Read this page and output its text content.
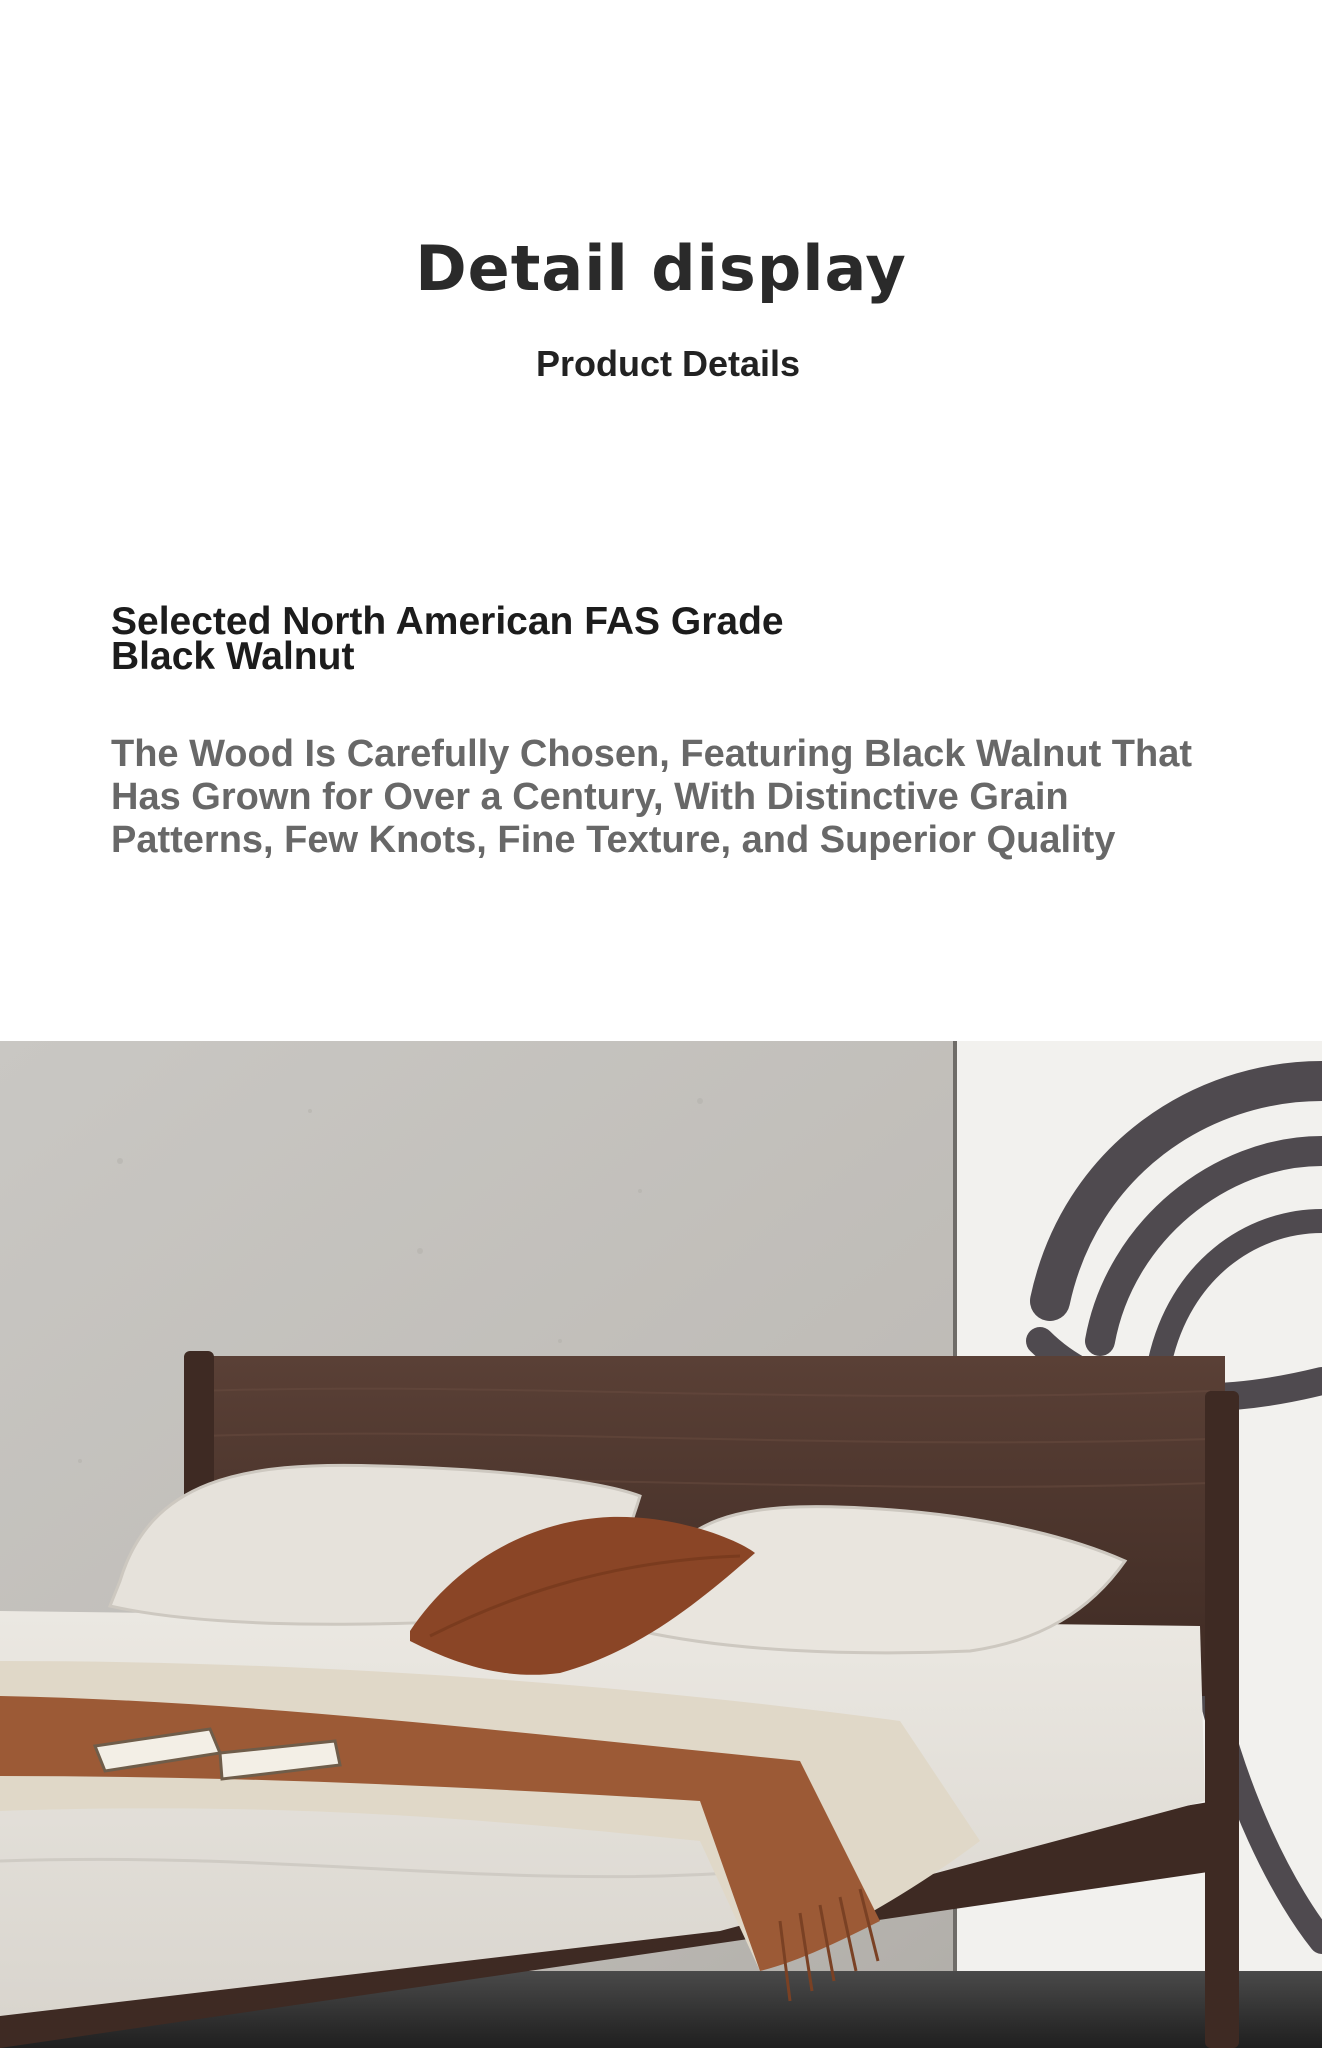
Detail display
Product Details
Selected North American FAS Grade Black Walnut

The Wood Is Carefully Chosen, Featuring Black Walnut That Has Grown for Over a Century, With Distinctive Grain Patterns, Few Knots, Fine Texture, and Superior Quality
